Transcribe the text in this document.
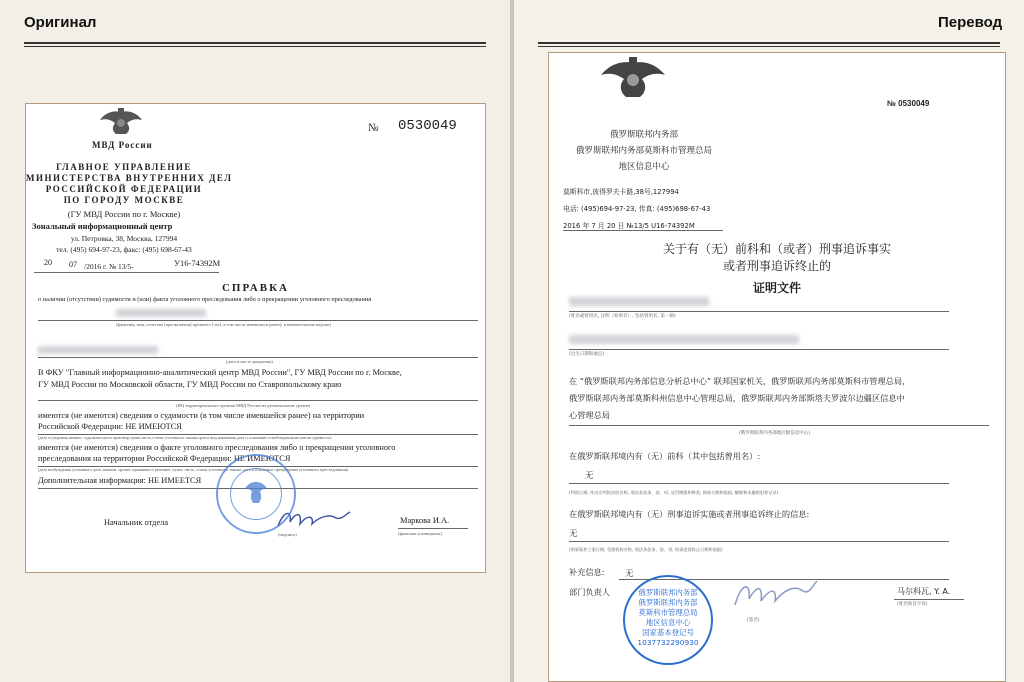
Оригинал
МВД России
№ 0530049
ГЛАВНОЕ УПРАВЛЕНИЕ
МИНИСТЕРСТВА ВНУТРЕННИХ ДЕЛ
РОССИЙСКОЙ ФЕДЕРАЦИИ
ПО ГОРОДУ МОСКВЕ
(ГУ МВД России по г. Москве)
Зональный информационный центр
ул. Петровка, 38, Москва, 127994
тел. (495) 694-97-23, факс: (495) 698-67-43
20 07 /2016 г. № 13/5-	У16-74392М
СПРАВКА
о наличии (отсутствии) судимости и (или) факта уголовного преследования либо о прекращении уголовного преследования
(фамилия, имя, отчество (при наличии) прежнего (-их), в том числе имевшиеся ранее), в именительном падеже)
(дата и место рождения)
В ФКУ "Главный информационно-аналитический центр МВД России", ГУ МВД России по г. Москве,
ГУ МВД России по Московской области, ГУ МВД России по Ставропольскому краю
(ИЦ территориальных органов МВД России на региональном уровне)
имеются (не имеются) сведения о судимости (в том числе имевшейся ранее) на территории
Российской Федерации: НЕ ИМЕЮТСЯ
(дата осуждения,наимен. суда,вынесшего приговор,пункт,часть,статья уголовного закона,срок и вид наказания,дата и основание освобождения,неснятая судимость)
имеются (не имеются) сведения о факте уголовного преследования либо о прекращении уголовного
преследования на территории Российской Федерации: НЕ ИМЕЮТСЯ
(дата возбуждения уголовного дела, наимен. органа, принявшего решение, пункт, часть, статья уголовного закона, дата и основание прекращения уголовного преследования)
Дополнительная информация: НЕ ИМЕЕТСЯ
Начальник отдела
(подпись)
Маркова И.А.
(фамилия и инициалы)
Перевод
№ 0530049
俄罗斯联邦内务部
俄罗斯联邦内务部莫斯科市管理总局
地区信息中心
莫斯科市,彼得罗夫卡路,38号,127994
电话: (495)694-97-23, 传真: (495)698-67-43
2016 年 7 月 20 日 №13/5 U16-74392M
关于有（无）前科和（或者）刑事追诉事实
或者刑事追诉终止的
证明文件
(姓名或曾用名, 注明（如果有）, 包括曾用名, 第一格)
(出生日期和地点)
在 “俄罗斯联邦内务部信息分析总中心” 联邦国家机关，俄罗斯联邦内务部莫斯科市管理总局，
俄罗斯联邦内务部莫斯科州信息中心管理总局，俄罗斯联邦内务部斯塔夫罗波尔边疆区信息中
心管理总局
(俄罗斯联邦内务部地区级信息中心)
在俄罗斯联邦境内有（无）前科（其中包括曾用名）:
无
(判刑日期, 作出宣判的法院名称, 刑法条款条、款、项, 处罚期限和种类, 释放日期和依据, 解除和未撤销犯罪记录)
在俄罗斯联邦境内有（无）刑事追诉实施或者刑事追诉终止的信息:
无
(刑事案件立案日期, 受理机构名称, 刑法条款条、款、项, 刑事追诉终止日期和依据)
补充信息: 无
部门负责人
(签名)
马尔科瓦, Y. A.
(姓名和首字母)
俄罗斯联邦内务部
俄罗斯联邦内务部
莫斯科市管理总局
地区信息中心
国家基本登记号
1037732290930
